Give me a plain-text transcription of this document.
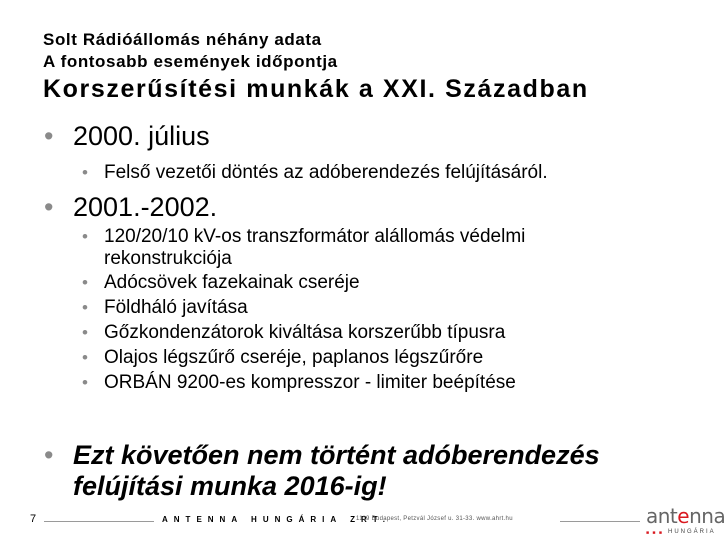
Solt Rádióállomás néhány adata
A fontosabb események időpontja
Korszerűsítési munkák a XXI. Században
• 2000. július
• Felső vezetői döntés az adóberendezés felújításáról.
• 2001.-2002.
• 120/20/10 kV-os transzformátor alállomás védelmi
rekonstrukciója
• Adócsövek fazekainak cseréje
• Földháló javítása
• Gőzkondenzátorok kiváltása korszerűbb típusra
• Olajos légszűrő cseréje, paplanos légszűrőre
• ORBÁN 9200-es kompresszor - limiter beépítése
• Ezt követően nem történt adóberendezés felújítási munka 2016-ig!
7	ANTENNA HUNGÁRIA ZRT.
1119 Budapest, Petzvál József u. 31-33. www.ahrt.hu	antenna
■ ■ ■ HUNGÁRIA
